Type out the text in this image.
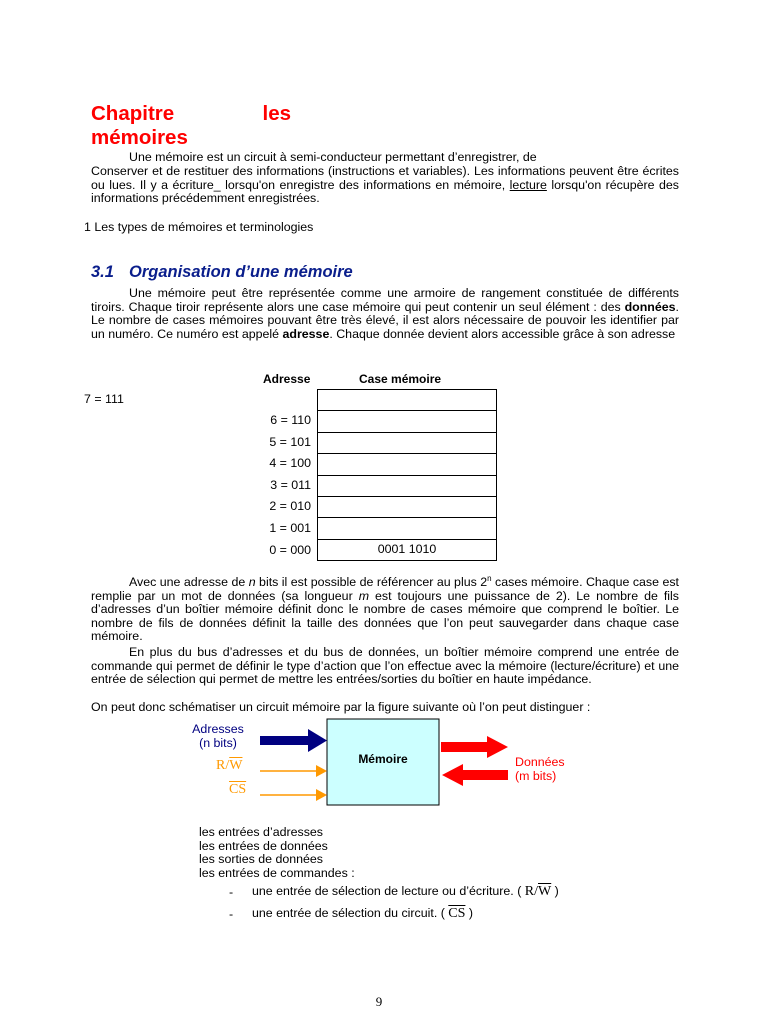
Chapitre	les
mémoires
Une mémoire est un circuit à semi-conducteur permettant d’enregistrer, de
Conserver et de restituer des informations (instructions et variables). Les informations peuvent être écrites ou lues. Il y a écriture_ lorsqu'on enregistre des informations en mémoire, lecture lorsqu'on récupère des informations précédemment enregistrées.
1 Les types de mémoires et terminologies
3.1 Organisation d’une mémoire
Une mémoire peut être représentée comme une armoire de rangement constituée de différents tiroirs. Chaque tiroir représente alors une case mémoire qui peut contenir un seul élément : des données. Le nombre de cases mémoires pouvant être très élevé, il est alors nécessaire de pouvoir les identifier par un numéro. Ce numéro est appelé adresse. Chaque donnée devient alors accessible grâce à son adresse
Adresse	Case mémoire
7 = 111
6 = 110
5 = 101
4 = 100
3 = 011
2 = 010
1 = 001
0 = 000	0001 1010
Avec une adresse de n bits il est possible de référencer au plus 2$^n$ cases mémoire. Chaque case est remplie par un mot de données (sa longueur m est toujours une puissance de 2). Le nombre de fils d’adresses d’un boîtier mémoire définit donc le nombre de cases mémoire que comprend le boîtier. Le nombre de fils de données définit la taille des données que l’on peut sauvegarder dans chaque case mémoire.
En plus du bus d’adresses et du bus de données, un boîtier mémoire comprend une entrée de commande qui permet de définir le type d’action que l’on effectue avec la mémoire (lecture/écriture) et une entrée de sélection qui permet de mettre les entrées/sorties du boîtier en haute impédance.
On peut donc schématiser un circuit mémoire par la figure suivante où l’on peut distinguer :
Adresses
(n bits)
$R/\overline{W}$
$\overline{CS}$
Mémoire	Données (m bits)
les entrées d’adresses
les entrées de données
les sorties de données
les entrées de commandes :
- une entrée de sélection de lecture ou d’écriture. ( $R/\overline{W}$ )
- une entrée de sélection du circuit. ( $\overline{CS}$ )
9
